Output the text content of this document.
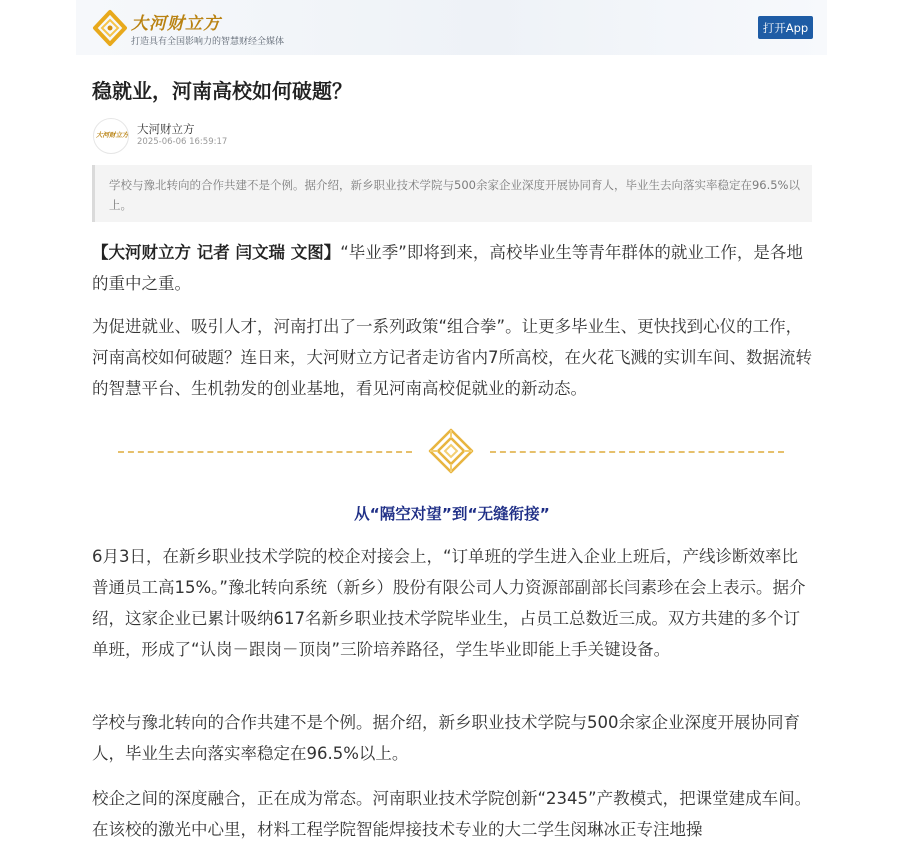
大河财立方
打造具有全国影响力的智慧财经全媒体
打开App
稳就业，河南高校如何破题？
大河财立方 大河财立方
2025-06-06 16:59:17
学校与豫北转向的合作共建不是个例。据介绍，新乡职业技术学院与500余家企业深度开展协同育人，毕业生去向落实率稳定在96.5%以上。

【大河财立方 记者 闫文瑞 文图】“毕业季”即将到来，高校毕业生等青年群体的就业工作，是各地的重中之重。

为促进就业、吸引人才，河南打出了一系列政策“组合拳”。让更多毕业生、更快找到心仪的工作，河南高校如何破题？连日来，大河财立方记者走访省内7所高校，在火花飞溅的实训车间、数据流转的智慧平台、生机勃发的创业基地，看见河南高校促就业的新动态。

从“隔空对望”到“无缝衔接”

6月3日，在新乡职业技术学院的校企对接会上，“订单班的学生进入企业上班后，产线诊断效率比普通员工高15%。”豫北转向系统（新乡）股份有限公司人力资源部副部长闫素珍在会上表示。据介绍，这家企业已累计吸纳617名新乡职业技术学院毕业生，占员工总数近三成。双方共建的多个订单班，形成了“认岗－跟岗－顶岗”三阶培养路径，学生毕业即能上手关键设备。

学校与豫北转向的合作共建不是个例。据介绍，新乡职业技术学院与500余家企业深度开展协同育人，毕业生去向落实率稳定在96.5%以上。

校企之间的深度融合，正在成为常态。河南职业技术学院创新“2345”产教模式，把课堂建成车间。在该校的激光中心里，材料工程学院智能焊接技术专业的大二学生闵琳冰正专注地操
